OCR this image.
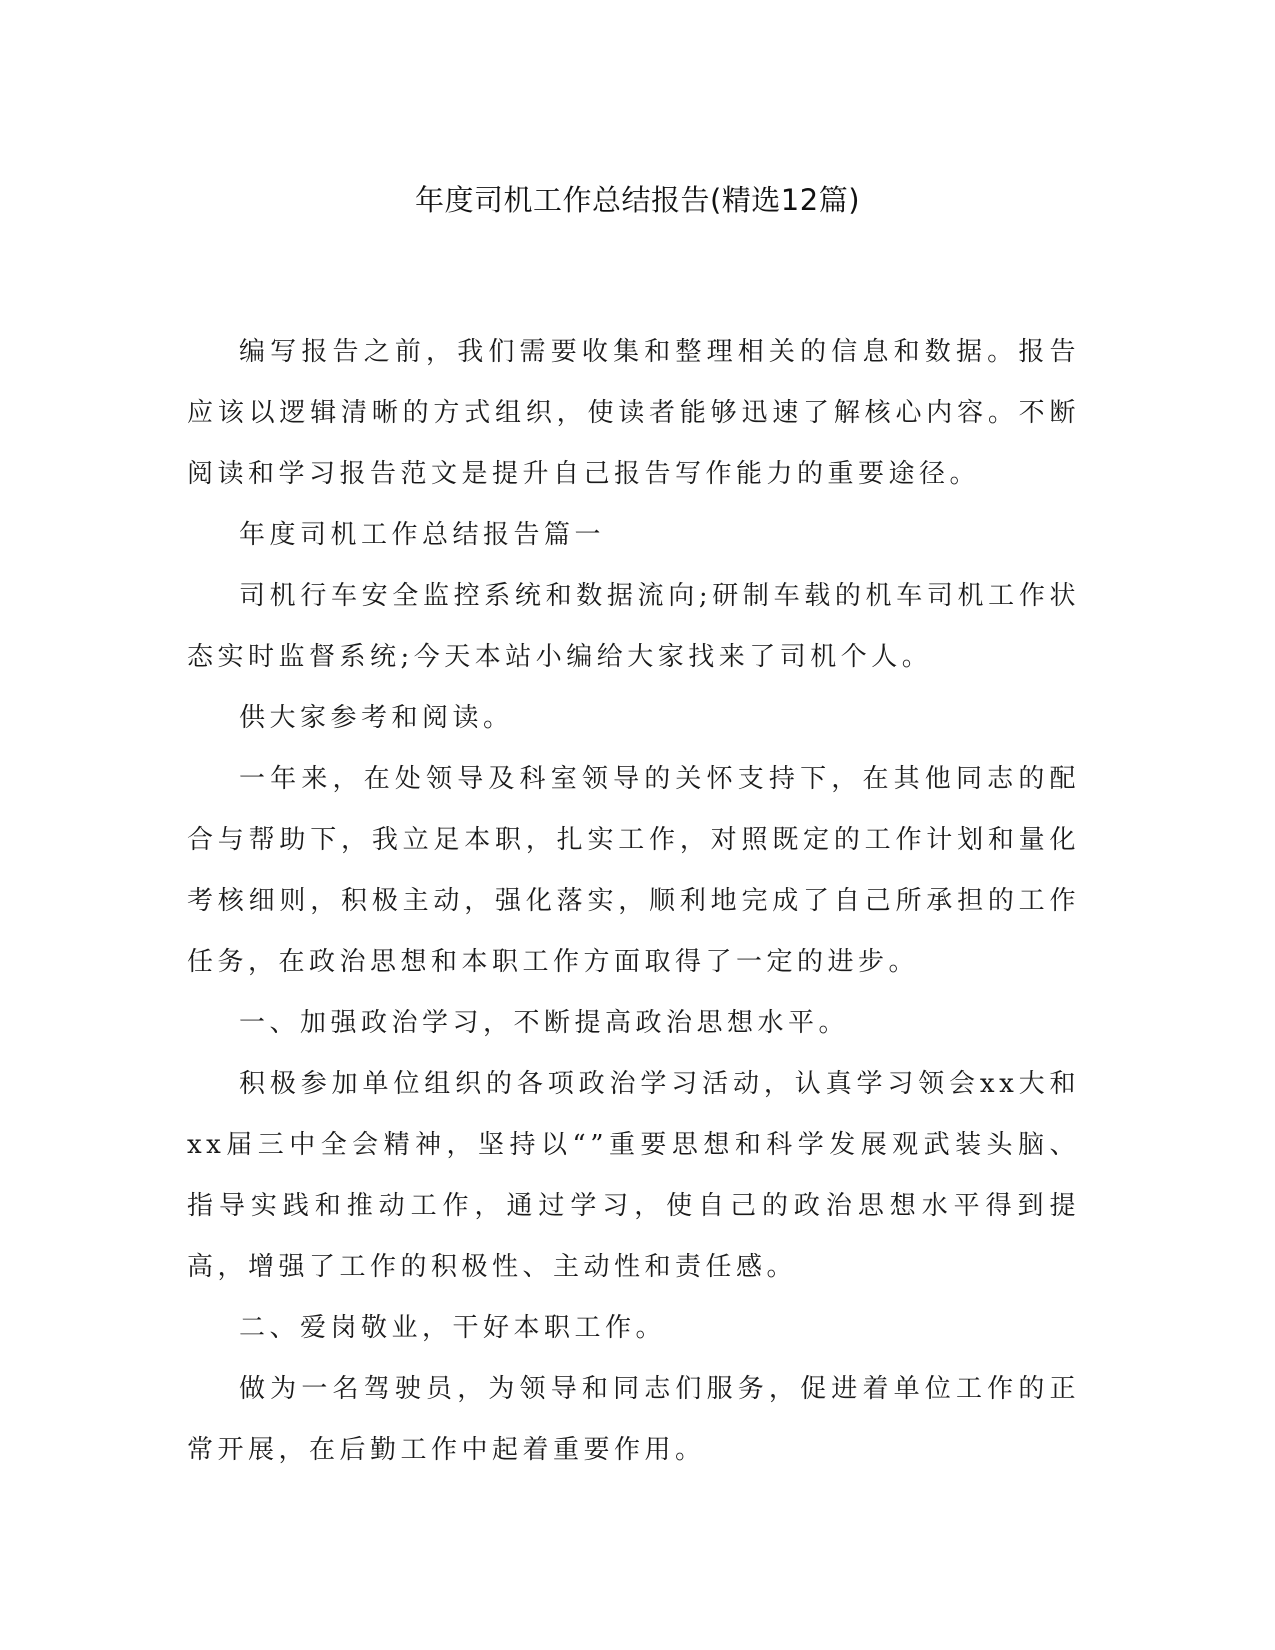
年度司机工作总结报告(精选12篇)

编写报告之前，我们需要收集和整理相关的信息和数据。报告应该以逻辑清晰的方式组织，使读者能够迅速了解核心内容。不断阅读和学习报告范文是提升自己报告写作能力的重要途径。

年度司机工作总结报告篇一

司机行车安全监控系统和数据流向;研制车载的机车司机工作状态实时监督系统;今天本站小编给大家找来了司机个人。

供大家参考和阅读。

一年来，在处领导及科室领导的关怀支持下，在其他同志的配合与帮助下，我立足本职，扎实工作，对照既定的工作计划和量化考核细则，积极主动，强化落实，顺利地完成了自己所承担的工作任务，在政治思想和本职工作方面取得了一定的进步。

一、加强政治学习，不断提高政治思想水平。

积极参加单位组织的各项政治学习活动，认真学习领会xx大和xx届三中全会精神，坚持以“”重要思想和科学发展观武装头脑、指导实践和推动工作，通过学习，使自己的政治思想水平得到提高，增强了工作的积极性、主动性和责任感。

二、爱岗敬业，干好本职工作。

做为一名驾驶员，为领导和同志们服务，促进着单位工作的正常开展，在后勤工作中起着重要作用。
